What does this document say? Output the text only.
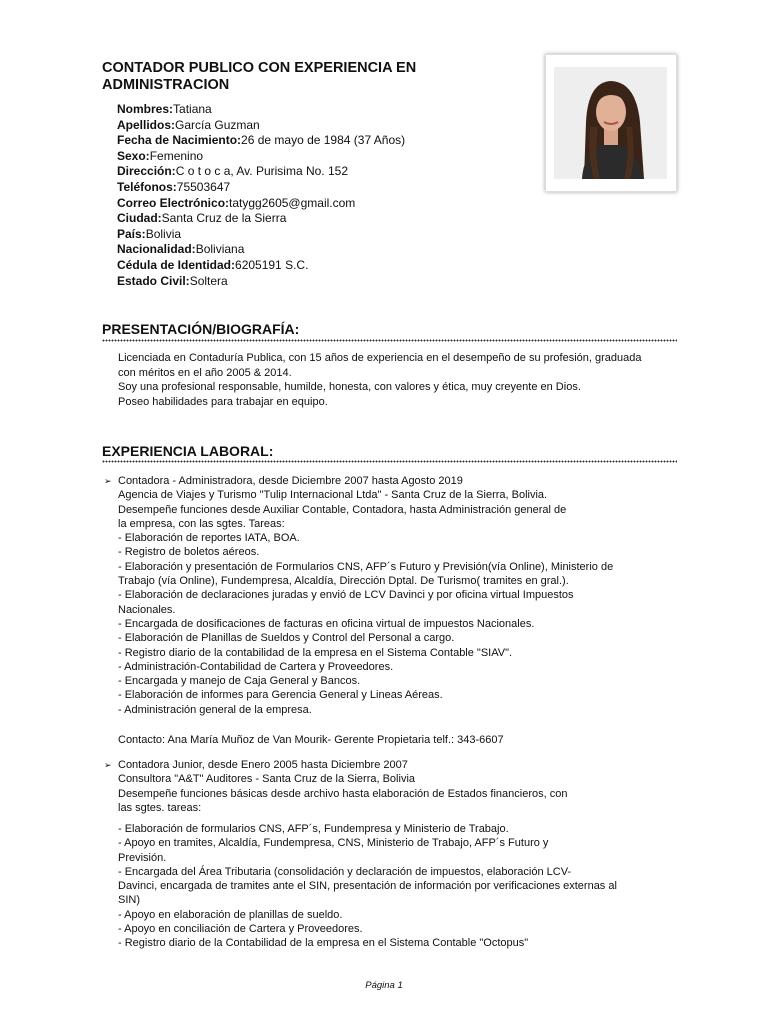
CONTADOR PUBLICO CON EXPERIENCIA EN
ADMINISTRACION
Nombres:Tatiana
Apellidos:García Guzman
Fecha de Nacimiento:26 de mayo de 1984 (37 Años)
Sexo:Femenino
Dirección:C o t o c a, Av. Purisima No. 152
Teléfonos:75503647
Correo Electrónico:tatygg2605@gmail.com
Ciudad:Santa Cruz de la Sierra
País:Bolivia
Nacionalidad:Boliviana
Cédula de Identidad:6205191 S.C.
Estado Civil:Soltera
PRESENTACIÓN/BIOGRAFÍA:
Licenciada en Contaduría Publica, con 15 años de experiencia en el desempeño de su profesión, graduada
con méritos en el año 2005 & 2014.
Soy una profesional responsable, humilde, honesta, con valores y ética, muy creyente en Dios.
Poseo habilidades para trabajar en equipo.
EXPERIENCIA LABORAL:
➢ Contadora - Administradora, desde Diciembre 2007 hasta Agosto 2019
Agencia de Viajes y Turismo "Tulip Internacional Ltda" - Santa Cruz de la Sierra, Bolivia.
Desempeñe funciones desde Auxiliar Contable, Contadora, hasta Administración general de
la empresa, con las sgtes. Tareas:
- Elaboración de reportes IATA, BOA.
- Registro de boletos aéreos.
- Elaboración y presentación de Formularios CNS, AFP´s Futuro y Previsión(vía Online), Ministerio de
Trabajo (vía Online), Fundempresa, Alcaldía, Dirección Dptal. De Turismo( tramites en gral.).
- Elaboración de declaraciones juradas y envió de LCV Davinci y por oficina virtual Impuestos
Nacionales.
- Encargada de dosificaciones de facturas en oficina virtual de impuestos Nacionales.
- Elaboración de Planillas de Sueldos y Control del Personal a cargo.
- Registro diario de la contabilidad de la empresa en el Sistema Contable "SIAV".
- Administración-Contabilidad de Cartera y Proveedores.
- Encargada y manejo de Caja General y Bancos.
- Elaboración de informes para Gerencia General y Lineas Aéreas.
- Administración general de la empresa.
Contacto: Ana María Muñoz de Van Mourik- Gerente Propietaria telf.: 343-6607
➢ Contadora Junior, desde Enero 2005 hasta Diciembre 2007
Consultora "A&T" Auditores - Santa Cruz de la Sierra, Bolivia
Desempeñe funciones básicas desde archivo hasta elaboración de Estados financieros, con
las sgtes. tareas:
- Elaboración de formularios CNS, AFP´s, Fundempresa y Ministerio de Trabajo.
- Apoyo en tramites, Alcaldía, Fundempresa, CNS, Ministerio de Trabajo, AFP´s Futuro y
Previsión.
- Encargada del Área Tributaria (consolidación y declaración de impuestos, elaboración LCV-
Davinci, encargada de tramites ante el SIN, presentación de información por verificaciones externas al
SIN)
- Apoyo en elaboración de planillas de sueldo.
- Apoyo en conciliación de Cartera y Proveedores.
- Registro diario de la Contabilidad de la empresa en el Sistema Contable "Octopus"
Página 1
